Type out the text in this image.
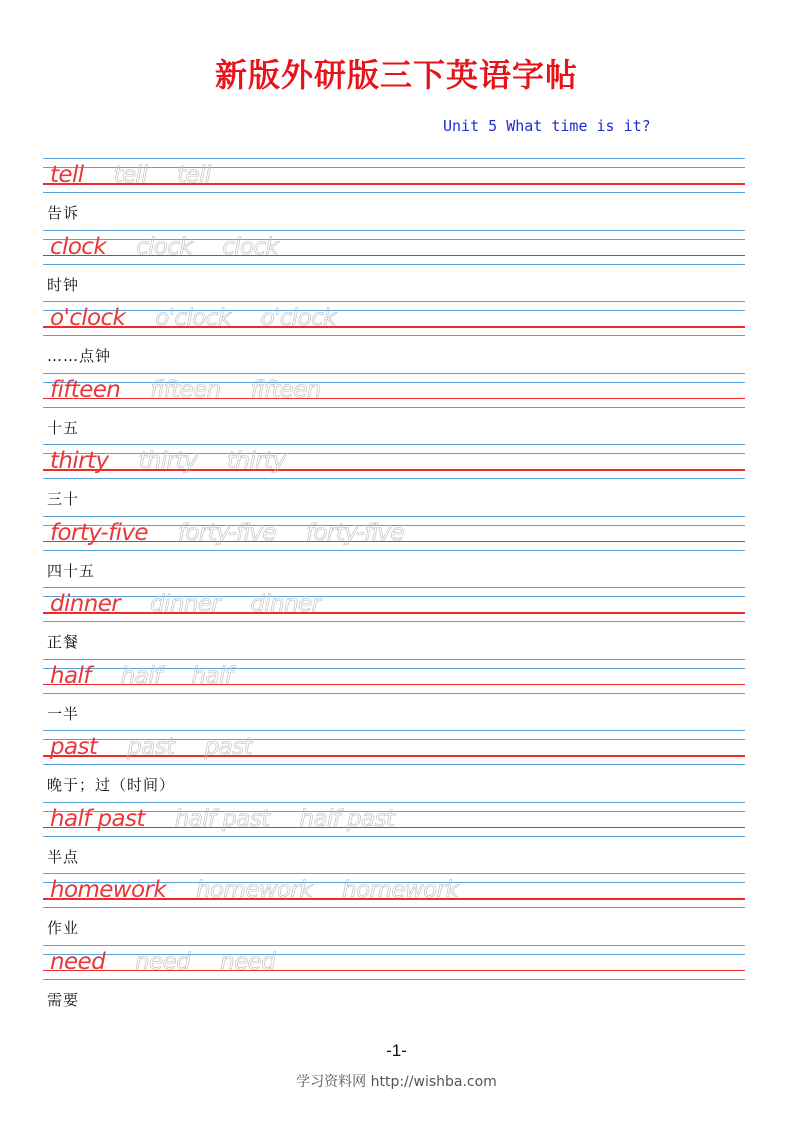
新版外研版三下英语字帖
Unit 5 What time is it?
tell tell tell
告诉
clock clock clock
时钟
o'clock o'clock o'clock
……点钟
fifteen fifteen fifteen
十五
thirty thirty thirty
三十
forty-five forty-five forty-five
四十五
dinner dinner dinner
正餐
half half half
一半
past past past
晚于；过（时间）
half past half past half past
半点
homework homework homework
作业
need need need
需要
-1-
学习资料网 http://wishba.com
